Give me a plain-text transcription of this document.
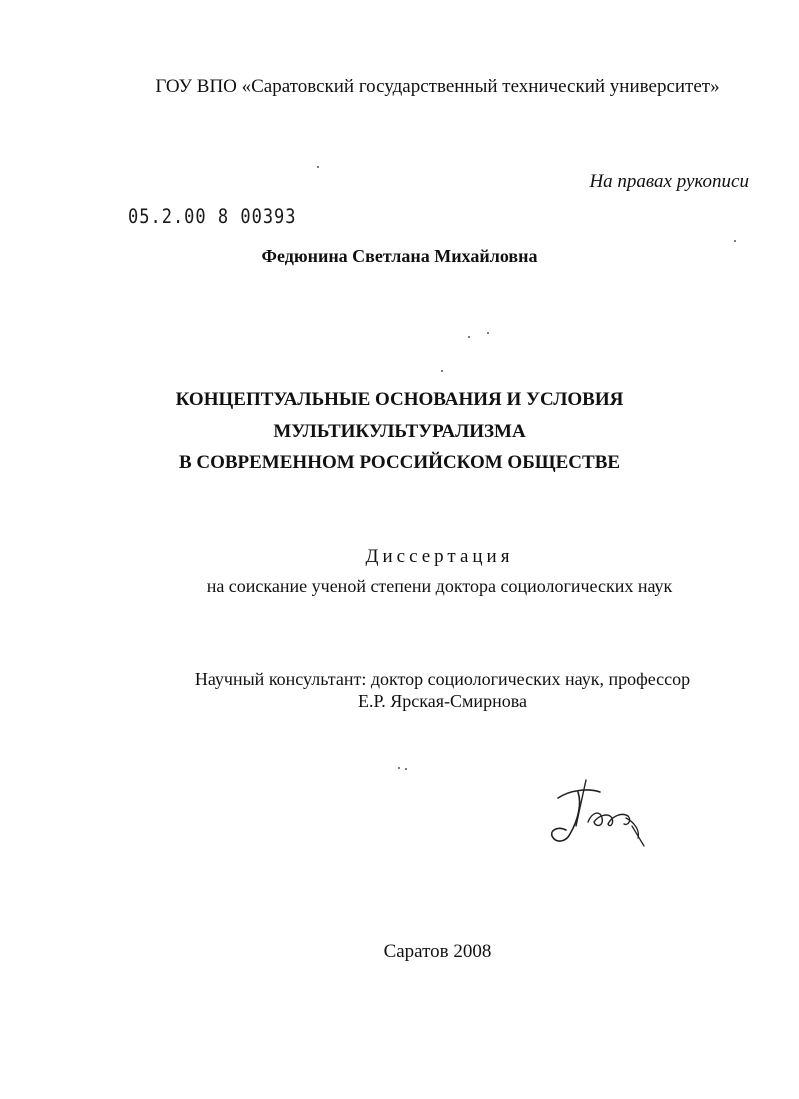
ГОУ ВПО «Саратовский государственный технический университет»
На правах рукописи
05.2.00 8 00393
Федюнина Светлана Михайловна
КОНЦЕПТУАЛЬНЫЕ ОСНОВАНИЯ И УСЛОВИЯ
МУЛЬТИКУЛЬТУРАЛИЗМА
В СОВРЕМЕННОМ РОССИЙСКОМ ОБЩЕСТВЕ
Диссертация
на соискание ученой степени доктора социологических наук
Научный консультант: доктор социологических наук, профессор
Е.Р. Ярская-Смирнова
Саратов 2008
